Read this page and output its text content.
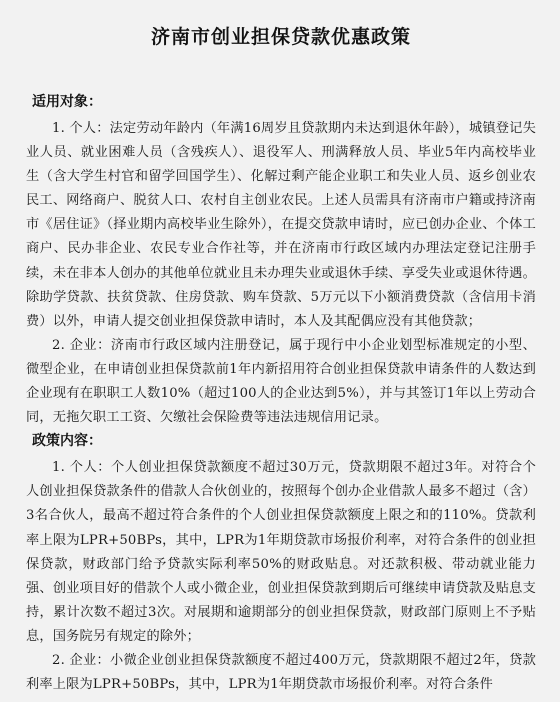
济南市创业担保贷款优惠政策
适用对象：

1. 个人：法定劳动年龄内（年满16周岁且贷款期内未达到退休年龄），城镇登记失业人员、就业困难人员（含残疾人）、退役军人、刑满释放人员、毕业5年内高校毕业生（含大学生村官和留学回国学生）、化解过剩产能企业职工和失业人员、返乡创业农民工、网络商户、脱贫人口、农村自主创业农民。上述人员需具有济南市户籍或持济南市《居住证》（择业期内高校毕业生除外），在提交贷款申请时，应已创办企业、个体工商户、民办非企业、农民专业合作社等，并在济南市行政区域内办理法定登记注册手续，未在非本人创办的其他单位就业且未办理失业或退休手续、享受失业或退休待遇。除助学贷款、扶贫贷款、住房贷款、购车贷款、5万元以下小额消费贷款（含信用卡消费）以外，申请人提交创业担保贷款申请时，本人及其配偶应没有其他贷款；

2. 企业：济南市行政区域内注册登记，属于现行中小企业划型标准规定的小型、微型企业，在申请创业担保贷款前1年内新招用符合创业担保贷款申请条件的人数达到企业现有在职职工人数10%（超过100人的企业达到5%），并与其签订1年以上劳动合同，无拖欠职工工资、欠缴社会保险费等违法违规信用记录。

政策内容：

1. 个人：个人创业担保贷款额度不超过30万元，贷款期限不超过3年。对符合个人创业担保贷款条件的借款人合伙创业的，按照每个创办企业借款人最多不超过（含）3名合伙人，最高不超过符合条件的个人创业担保贷款额度上限之和的110%。贷款利率上限为LPR+50BPs，其中，LPR为1年期贷款市场报价利率，对符合条件的创业担保贷款，财政部门给予贷款实际利率50%的财政贴息。对还款积极、带动就业能力强、创业项目好的借款个人或小微企业，创业担保贷款到期后可继续申请贷款及贴息支持，累计次数不超过3次。对展期和逾期部分的创业担保贷款，财政部门原则上不予贴息，国务院另有规定的除外；

2. 企业：小微企业创业担保贷款额度不超过400万元，贷款期限不超过2年，贷款利率上限为LPR+50BPs，其中，LPR为1年期贷款市场报价利率。对符合条件
